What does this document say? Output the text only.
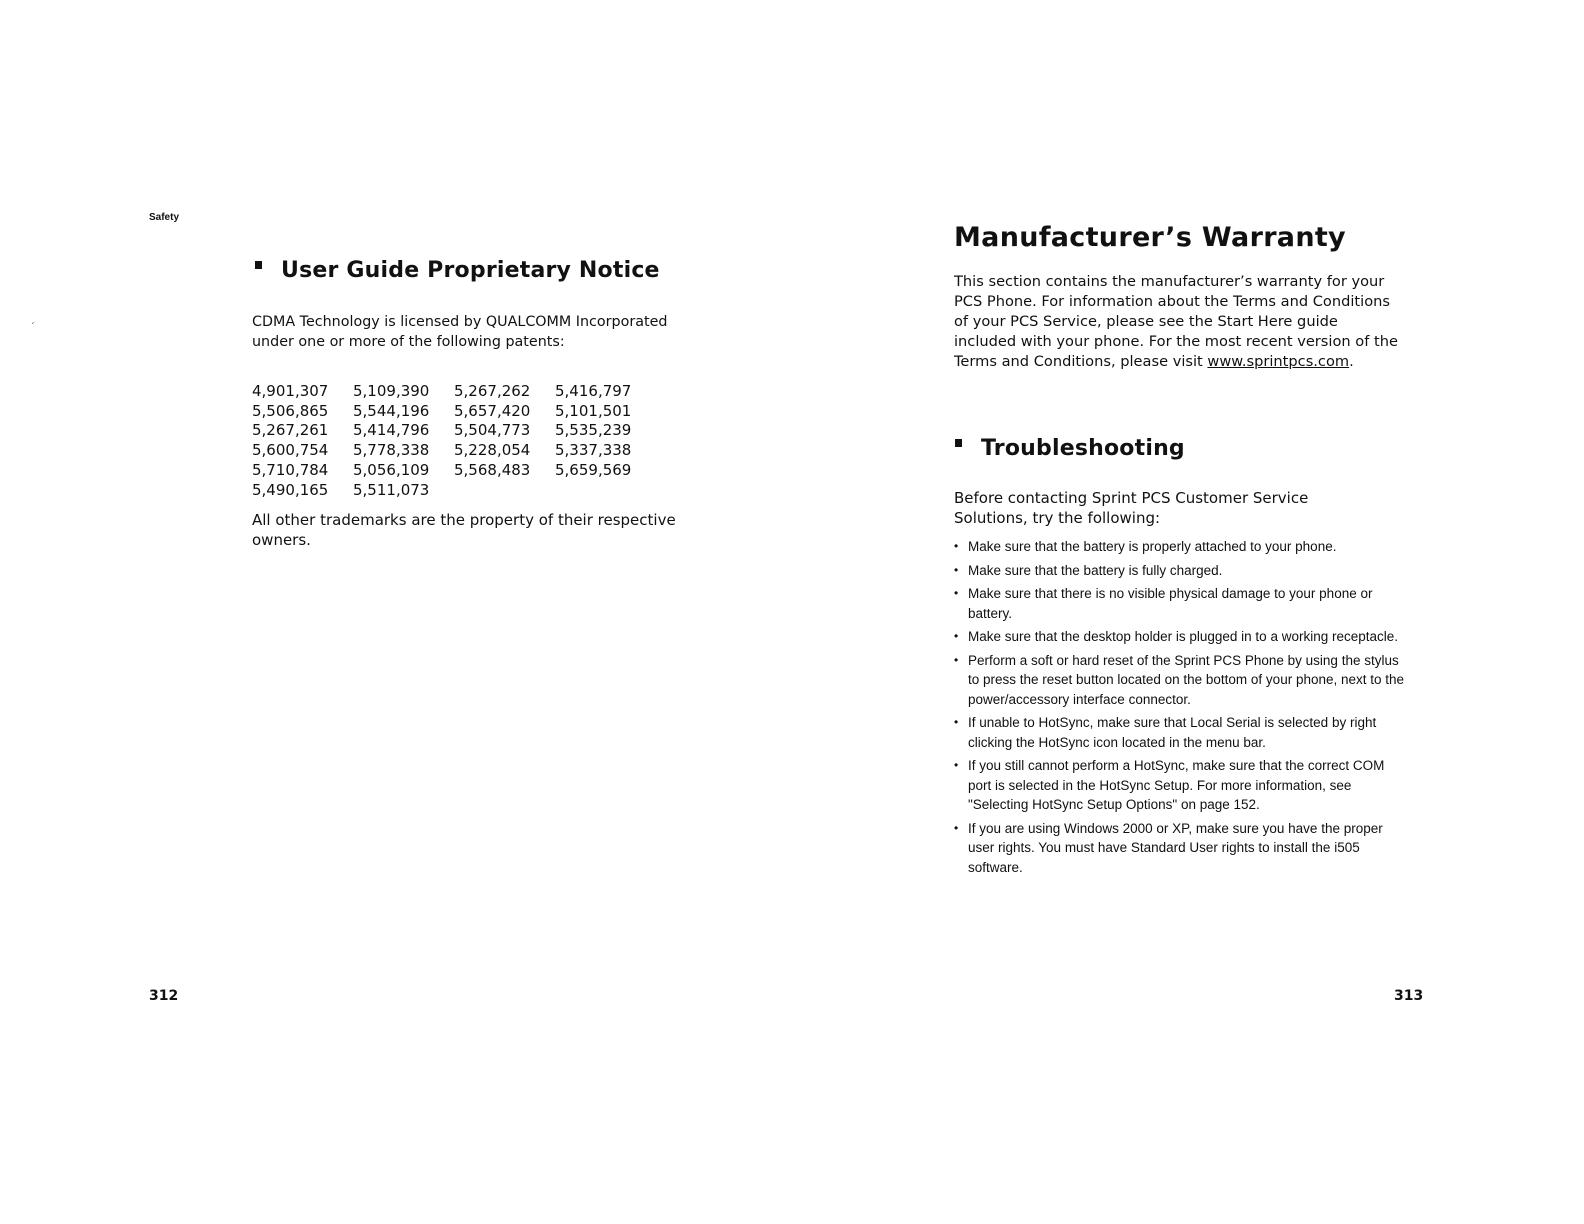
Safety
´
User Guide Proprietary Notice
CDMA Technology is licensed by QUALCOMM Incorporated under one or more of the following patents:
4,901,307	5,109,390	5,267,262	5,416,797
5,506,865	5,544,196	5,657,420	5,101,501
5,267,261	5,414,796	5,504,773	5,535,239
5,600,754	5,778,338	5,228,054	5,337,338
5,710,784	5,056,109	5,568,483	5,659,569
5,490,165	5,511,073
All other trademarks are the property of their respective owners.
312
Manufacturer’s Warranty
This section contains the manufacturer’s warranty for your PCS Phone. For information about the Terms and Conditions of your PCS Service, please see the Start Here guide included with your phone. For the most recent version of the Terms and Conditions, please visit www.sprintpcs.com.
Troubleshooting
Before contacting Sprint PCS Customer Service Solutions, try the following:
• Make sure that the battery is properly attached to your phone.
• Make sure that the battery is fully charged.
• Make sure that there is no visible physical damage to your phone or battery.
• Make sure that the desktop holder is plugged in to a working receptacle.
• Perform a soft or hard reset of the Sprint PCS Phone by using the stylus to press the reset button located on the bottom of your phone, next to the power/accessory interface connector.
• If unable to HotSync, make sure that Local Serial is selected by right clicking the HotSync icon located in the menu bar.
• If you still cannot perform a HotSync, make sure that the correct COM port is selected in the HotSync Setup. For more information, see "Selecting HotSync Setup Options" on page 152.
• If you are using Windows 2000 or XP, make sure you have the proper user rights. You must have Standard User rights to install the i505 software.
313
